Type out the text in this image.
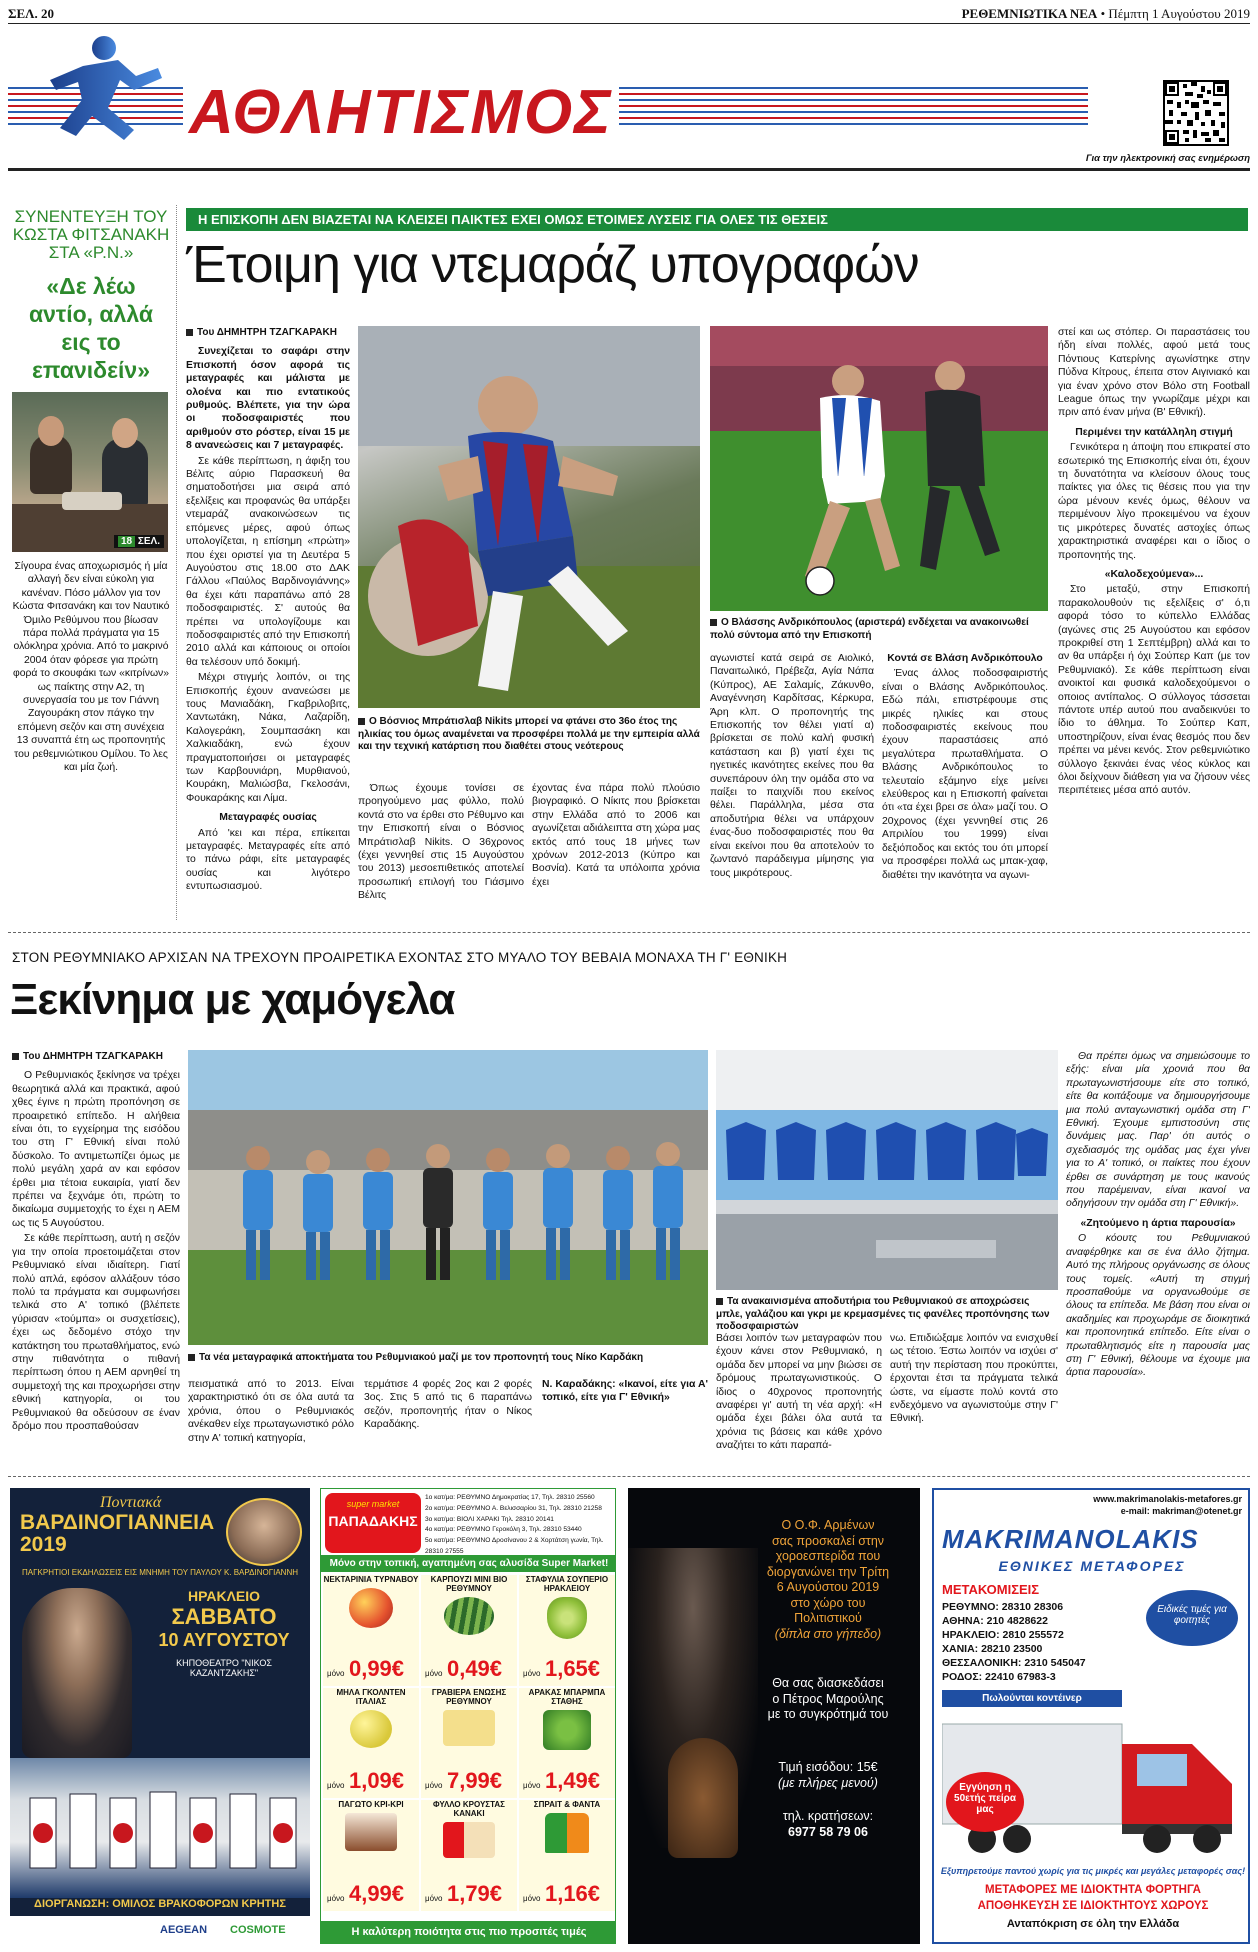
ΣΕΛ. 20	ΡΕΘΕΜΝΙΩΤΙΚΑ ΝΕΑ • Πέμπτη 1 Αυγούστου 2019
ΑΘΛΗΤΙΣΜΟΣ
Για την ηλεκτρονική σας ενημέρωση
ΣΥΝΕΝΤΕΥΞΗ ΤΟΥ ΚΩΣΤΑ ΦΙΤΣΑΝΑΚΗ ΣΤΑ «Ρ.Ν.»
«Δε λέω αντίο, αλλά εις το επανιδείν»
18 ΣΕΛ.

Σίγουρα ένας αποχωρισμός ή μία αλλαγή δεν είναι εύκολη για κανέναν. Πόσο μάλλον για τον Κώστα Φιτσανάκη και τον Ναυτικό Όμιλο Ρεθύμνου που βίωσαν πάρα πολλά πράγματα για 15 ολόκληρα χρόνια. Από το μακρινό 2004 όταν φόρεσε για πρώτη φορά το σκουφάκι των «κιτρίνων» ως παίκτης στην Α2, τη συνεργασία του με τον Γιάννη Ζαγουράκη στον πάγκο την επόμενη σεζόν και στη συνέχεια 13 συναπτά έτη ως προπονητής του ρεθεμνιώτικου Ομίλου. Το λες και μία ζωή.

Η ΕΠΙΣΚΟΠΗ ΔΕΝ ΒΙΑΖΕΤΑΙ ΝΑ ΚΛΕΙΣΕΙ ΠΑΙΚΤΕΣ ΕΧΕΙ ΟΜΩΣ ΕΤΟΙΜΕΣ ΛΥΣΕΙΣ ΓΙΑ ΟΛΕΣ ΤΙΣ ΘΕΣΕΙΣ
Έτοιμη για ντεμαράζ υπογραφών
Του ΔΗΜΗΤΡΗ ΤΖΑΓΚΑΡΑΚΗ

Συνεχίζεται το σαφάρι στην Επισκοπή όσον αφορά τις μεταγραφές και μάλιστα με ολοένα και πιο εντατικούς ρυθμούς. Βλέπετε, για την ώρα οι ποδοσφαιριστές που αριθμούν στο ρόστερ, είναι 15 με 8 ανανεώσεις και 7 μεταγραφές.

Σε κάθε περίπτωση, η άφιξη του Βέλιτς αύριο Παρασκευή θα σηματοδοτήσει μια σειρά από εξελίξεις και προφανώς θα υπάρξει ντεμαράζ ανακοινώσεων τις επόμενες μέρες, αφού όπως υπολογίζεται, η επίσημη «πρώτη» που έχει οριστεί για τη Δευτέρα 5 Αυγούστου στις 18.00 στο ΔΑΚ Γάλλου «Παύλος Βαρδινογιάννης» θα έχει κάτι παραπάνω από 28 ποδοσφαιριστές. Σ' αυτούς θα πρέπει να υπολογίζουμε και ποδοσφαιριστές από την Επισκοπή 2010 αλλά και κάποιους οι οποίοι θα τελέσουν υπό δοκιμή.

Μέχρι στιγμής λοιπόν, οι της Επισκοπής έχουν ανανεώσει με τους Μανιαδάκη, Γκαβριλοβιτς, Χαντωτάκη, Νάκα, Λαζαρίδη, Καλογεράκη, Σουμπασάκη και Χαλκιαδάκη, ενώ έχουν πραγματοποιήσει οι μεταγραφές των Καρβουνιάρη, Μυρθιανού, Κουράκη, Μαλιώσβα, Γκελοσάνι, Φουκαράκης και Λίμα.

Μεταγραφές ουσίας

Από 'κει και πέρα, επίκειται μεταγραφές. Μεταγραφές είτε από το πάνω ράφι, είτε μεταγραφές ουσίας και λιγότερο εντυπωσιασμού.

Ο Βόσνιος Μπράτισλαβ Nikits μπορεί να φτάνει στο 36ο έτος της ηλικίας του όμως αναμένεται να προσφέρει πολλά με την εμπειρία αλλά και την τεχνική κατάρτιση που διαθέτει στους νεότερους
Ο Βλάσσης Ανδρικόπουλος (αριστερά) ενδέχεται να ανακοινωθεί πολύ σύντομα από την Επισκοπή

Όπως έχουμε τονίσει σε προηγούμενο μας φύλλο, πολύ κοντά στο να έρθει στο Ρέθυμνο και την Επισκοπή είναι ο Βόσνιος Μπράτισλαβ Nikits. Ο 36χρονος (έχει γεννηθεί στις 15 Αυγούστου του 2013) μεσοεπιθετικός αποτελεί προσωπική επιλογή του Γιάσμινο Βέλιτς

έχοντας ένα πάρα πολύ πλούσιο βιογραφικό. Ο Νίκιτς που βρίσκεται στην Ελλάδα από το 2006 και αγωνίζεται αδιάλειπτα στη χώρα μας εκτός από τους 18 μήνες των χρόνων 2012-2013 (Κύπρο και Βοσνία). Κατά τα υπόλοιπα χρόνια έχει

αγωνιστεί κατά σειρά σε Αιολικό, Παναιτωλικό, Πρέβεζα, Αγία Νάπα (Κύπρος), ΑΕ Σαλαμίς, Ζάκυνθο, Αναγέννηση Καρδίτσας, Κέρκυρα, Άρη κλπ. Ο προπονητής της Επισκοπής τον θέλει γιατί α) βρίσκεται σε πολύ καλή φυσική κατάσταση και β) γιατί έχει τις ηγετικές ικανότητες εκείνες που θα συνεπάρουν όλη την ομάδα στο να παίξει το παιχνίδι που εκείνος θέλει. Παράλληλα, μέσα στα αποδυτήρια θέλει να υπάρχουν ένας-δυο ποδοσφαιριστές που θα είναι εκείνοι που θα αποτελούν το ζωντανό παράδειγμα μίμησης για τους μικρότερους.

Κοντά σε Βλάση Ανδρικόπουλο

Ένας άλλος ποδοσφαιριστής είναι ο Βλάσης Ανδρικόπουλος. Εδώ πάλι, επιστρέφουμε στις μικρές ηλικίες και στους ποδοσφαιριστές εκείνους που έχουν παραστάσεις από μεγαλύτερα πρωταθλήματα. Ο Βλάσης Ανδρικόπουλος το τελευταίο εξάμηνο είχε μείνει ελεύθερος και η Επισκοπή φαίνεται ότι «τα έχει βρει σε όλα» μαζί του. Ο 20χρονος (έχει γεννηθεί στις 26 Απριλίου του 1999) είναι δεξιόποδος και εκτός του ότι μπορεί να προσφέρει πολλά ως μπακ-χαφ, διαθέτει την ικανότητα να αγωνι-

στεί και ως στόπερ. Οι παραστάσεις του ήδη είναι πολλές, αφού μετά τους Πόντιους Κατερίνης αγωνίστηκε στην Πύδνα Κίτρους, έπειτα στον Αιγινιακό και για έναν χρόνο στον Βόλο στη Football League όπως την γνωρίζαμε μέχρι και πριν από έναν μήνα (Β' Εθνική).

Περιμένει την κατάλληλη στιγμή

Γενικότερα η άποψη που επικρατεί στο εσωτερικό της Επισκοπής είναι ότι, έχουν τη δυνατότητα να κλείσουν όλους τους παίκτες για όλες τις θέσεις που για την ώρα μένουν κενές όμως, θέλουν να περιμένουν λίγο προκειμένου να έχουν τις μικρότερες δυνατές αστοχίες όπως χαρακτηριστικά αναφέρει και ο ίδιος ο προπονητής της.

«Καλοδεχούμενα»...

Στο μεταξύ, στην Επισκοπή παρακολουθούν τις εξελίξεις σ' ό,τι αφορά τόσο το κύπελλο Ελλάδας (αγώνες στις 25 Αυγούστου και εφόσον προκριθεί στη 1 Σεπτέμβρη) αλλά και το αν θα υπάρξει ή όχι Σούπερ Καπ (με τον Ρεθυμνιακό). Σε κάθε περίπτωση είναι ανοικτοί και φυσικά καλοδεχούμενοι ο οποιος αντίπαλος. Ο σύλλογος τάσσεται πάντοτε υπέρ αυτού που αναδεικνύει το ίδιο το άθλημα. Το Σούπερ Καπ, υποστηρίζουν, είναι ένας θεσμός που δεν πρέπει να μένει κενός. Στον ρεθεμνιώτικο σύλλογο ξεκινάει ένας νέος κύκλος και όλοι δείχνουν διάθεση για να ζήσουν νέες περιπέτειες μέσα από αυτόν.

ΣΤΟΝ ΡΕΘΥΜΝΙΑΚΟ ΑΡΧΙΣΑΝ ΝΑ ΤΡΕΧΟΥΝ ΠΡΟΑΙΡΕΤΙΚΑ ΕΧΟΝΤΑΣ ΣΤΟ ΜΥΑΛΟ ΤΟΥ ΒΕΒΑΙΑ ΜΟΝΑΧΑ ΤΗ Γ' ΕΘΝΙΚΗ
Ξεκίνημα με χαμόγελα
Του ΔΗΜΗΤΡΗ ΤΖΑΓΚΑΡΑΚΗ

Ο Ρεθυμνιακός ξεκίνησε να τρέχει θεωρητικά αλλά και πρακτικά, αφού χθες έγινε η πρώτη προπόνηση σε προαιρετικό επίπεδο. Η αλήθεια είναι ότι, το εγχείρημα της εισόδου του στη Γ' Εθνική είναι πολύ δύσκολο. Το αντιμετωπίζει όμως με πολύ μεγάλη χαρά αν και εφόσον έρθει μια τέτοια ευκαιρία, γιατί δεν πρέπει να ξεχνάμε ότι, πρώτη το δικαίωμα συμμετοχής το έχει η ΑΕΜ ως τις 5 Αυγούστου.

Σε κάθε περίπτωση, αυτή η σεζόν για την οποία προετοιμάζεται στον Ρεθυμνιακό είναι ιδιαίτερη. Γιατί πολύ απλά, εφόσον αλλάξουν τόσο πολύ τα πράγματα και συμφωνήσει τελικά στο Α' τοπικό (βλέπετε γύρισαν «τούμπα» οι συσχετίσεις), έχει ως δεδομένο στόχο την κατάκτηση του πρωταθλήματος, ενώ στην πιθανότητα ο πιθανή περίπτωση όπου η ΑΕΜ αρνηθεί τη συμμετοχή της και προχωρήσει στην εθνική κατηγορία, οι του Ρεθυμνιακού θα οδεύσουν σε έναν δρόμο που προσπαθούσαν

Τα νέα μεταγραφικά αποκτήματα του Ρεθυμνιακού μαζί με τον προπονητή τους Νίκο Καρδάκη
Τα ανακαινισμένα αποδυτήρια του Ρεθυμνιακού σε αποχρώσεις μπλε, γαλάζιου και γκρι με κρεμασμένες τις φανέλες προπόνησης των ποδοσφαιριστών

πεισματικά από το 2013. Είναι χαρακτηριστικό ότι σε όλα αυτά τα χρόνια, όπου ο Ρεθυμνιακός ανέκαθεν είχε πρωταγωνιστικό ρόλο στην Α' τοπική κατηγορία,

τερμάτισε 4 φορές 2ος και 2 φορές 3ος. Στις 5 από τις 6 παραπάνω σεζόν, προπονητής ήταν ο Νίκος Καραδάκης.

Ν. Καραδάκης: «Ικανοί, είτε για Α' τοπικό, είτε για Γ' Εθνική»

Βάσει λοιπόν των μεταγραφών που έχουν κάνει στον Ρεθυμνιακό, η ομάδα δεν μπορεί να μην βιώσει σε δρόμους πρωταγωνιστικούς. Ο ίδιος ο 40χρονος προπονητής αναφέρει γι' αυτή τη νέα αρχή: «Η ομάδα έχει βάλει όλα αυτά τα χρόνια τις βάσεις και κάθε χρόνο αναζήτει το κάτι παραπά-

νω. Επιδιώξαμε λοιπόν να ενισχυθεί ως τέτοιο. Έστω λοιπόν να ισχύει σ' αυτή την περίσταση που προκύπτει, έρχονται έτσι τα πράγματα τελικά ώστε, να είμαστε πολύ κοντά στο ενδεχόμενο να αγωνιστούμε στην Γ' Εθνική.

Θα πρέπει όμως να σημειώσουμε το εξής: είναι μία χρονιά που θα πρωταγωνιστήσουμε είτε στο τοπικό, είτε θα κοιτάξουμε να δημιουργήσουμε μια πολύ ανταγωνιστική ομάδα στη Γ' Εθνική. Έχουμε εμπιστοσύνη στις δυνάμεις μας. Παρ' ότι αυτός ο σχεδιασμός της ομάδας μας έχει γίνει για το Α' τοπικό, οι παίκτες που έχουν έρθει σε συνάρτηση με τους ικανούς που παρέμειναν, είναι ικανοί να οδηγήσουν την ομάδα στη Γ' Εθνική».

«Ζητούμενο η άρτια παρουσία»

Ο κόουτς του Ρεθυμνιακού αναφέρθηκε και σε ένα άλλο ζήτημα. Αυτό της πλήρους οργάνωσης σε όλους τους τομείς. «Αυτή τη στιγμή προσπαθούμε να οργανωθούμε σε όλους τα επίπεδα. Με βάση που είναι οι ακαδημίες και προχωράμε σε διοικητικά και προπονητικά επίπεδο. Είτε είναι ο πρωταθλητισμός είτε η παρουσία μας στη Γ' Εθνική, θέλουμε να έχουμε μια άρτια παρουσία».

Ποντιακά
ΒΑΡΔΙΝΟΓΙΑΝΝΕΙΑ 2019
ΠΑΓΚΡΗΤΙΟΙ ΕΚΔΗΛΩΣΕΙΣ ΕΙΣ ΜΝΗΜΗ ΤΟΥ ΠΑΥΛΟΥ Κ. ΒΑΡΔΙΝΟΓΙΑΝΝΗ
ΗΡΑΚΛΕΙΟ
ΣΑΒΒΑΤΟ
10 ΑΥΓΟΥΣΤΟΥ
ΚΗΠΟΘΕΑΤΡΟ "ΝΙΚΟΣ ΚΑΖΑΝΤΖΑΚΗΣ"
ΔΙΟΡΓΑΝΩΣΗ: ΟΜΙΛΟΣ ΒΡΑΚΟΦΟΡΩΝ ΚΡΗΤΗΣ
AEGEAN COSMOTE
super market
ΠΑΠΑΔΑΚΗΣ
1o κατ/μα: ΡΕΘΥΜΝΟ Δημοκρατίας 17, Τηλ. 28310 25560
2o κατ/μα: ΡΕΘΥΜΝΟ Α. Βελισσαρίου 31, Τηλ. 28310 21258
3o κατ/μα: ΒΙΟΛΙ ΧΑΡΑΚΙ Τηλ. 28310 20141
4o κατ/μα: ΡΕΘΥΜΝΟ Γεροκόλη 3, Τηλ. 28310 53440
5o κατ/μα: ΡΕΘΥΜΝΟ Δροσίνανου 2 & Χορτάτση γωνία, Τηλ. 28310 27555
Μόνο στην τοπική, αγαπημένη σας αλυσίδα Super Market!
ΝΕΚΤΑΡΙΝΙΑ ΤΥΡΝΑΒΟΥ
μόνο 0,99€
ΚΑΡΠΟΥΖΙ ΜΙΝΙ ΒΙΟ ΡΕΘΥΜΝΟΥ
μόνο 0,49€
ΣΤΑΦΥΛΙΑ ΣΟΥΠΕΡΙΟ ΗΡΑΚΛΕΙΟΥ
μόνο 1,65€
ΜΗΛΑ ΓΚΟΛΝΤΕΝ ΙΤΑΛΙΑΣ
μόνο 1,09€
ΓΡΑΒΙΕΡΑ ΕΝΩΣΗΣ ΡΕΘΥΜΝΟΥ
μόνο 7,99€
ΑΡΑΚΑΣ ΜΠΑΡΜΠΑ ΣΤΑΘΗΣ
μόνο 1,49€
ΠΑΓΩΤΟ ΚΡΙ-ΚΡΙ
μόνο 4,99€
ΦΥΛΛΟ ΚΡΟΥΣΤΑΣ ΚΑΝΑΚΙ
μόνο 1,79€
ΣΠΡΑΙΤ & ΦΑΝΤΑ
μόνο 1,16€
Η καλύτερη ποιότητα στις πιο προσιτές τιμές
Ο Ο.Φ. Αρμένων
σας προσκαλεί στην
χοροεσπερίδα που
διοργανώνει την Τρίτη
6 Αυγούστου 2019
στο χώρο του
Πολιτιστικού
(δίπλα στο γήπεδο)
Θα σας διασκεδάσει
ο Πέτρος Μαρούλης
με το συγκρότημά του
Τιμή εισόδου: 15€
(με πλήρες μενού)
τηλ. κρατήσεων:
6977 58 79 06
www.makrimanolakis-metafores.gr
e-mail: makriman@otenet.gr
MAKRIMANOLAKIS
ΕΘΝΙΚΕΣ ΜΕΤΑΦΟΡΕΣ
ΜΕΤΑΚΟΜΙΣΕΙΣ
ΡΕΘΥΜΝΟ: 28310 28306
ΑΘΗΝΑ: 210 4828622
ΗΡΑΚΛΕΙΟ: 2810 255572
ΧΑΝΙΑ: 28210 23500
ΘΕΣΣΑΛΟΝΙΚΗ: 2310 545047
ΡΟΔΟΣ: 22410 67983-3
Ειδικές τιμές για φοιτητές
Πωλούνται κοντέινερ
Εγγύηση η 50ετής πείρα μας
Εξυπηρετούμε παντού χωρίς για τις μικρές και μεγάλες μεταφορές σας!
ΜΕΤΑΦΟΡΕΣ ΜΕ ΙΔΙΟΚΤΗΤΑ ΦΟΡΤΗΓΑ
ΑΠΟΘΗΚΕΥΣΗ ΣΕ ΙΔΙΟΚΤΗΤΟΥΣ ΧΩΡΟΥΣ
Ανταπόκριση σε όλη την Ελλάδα
